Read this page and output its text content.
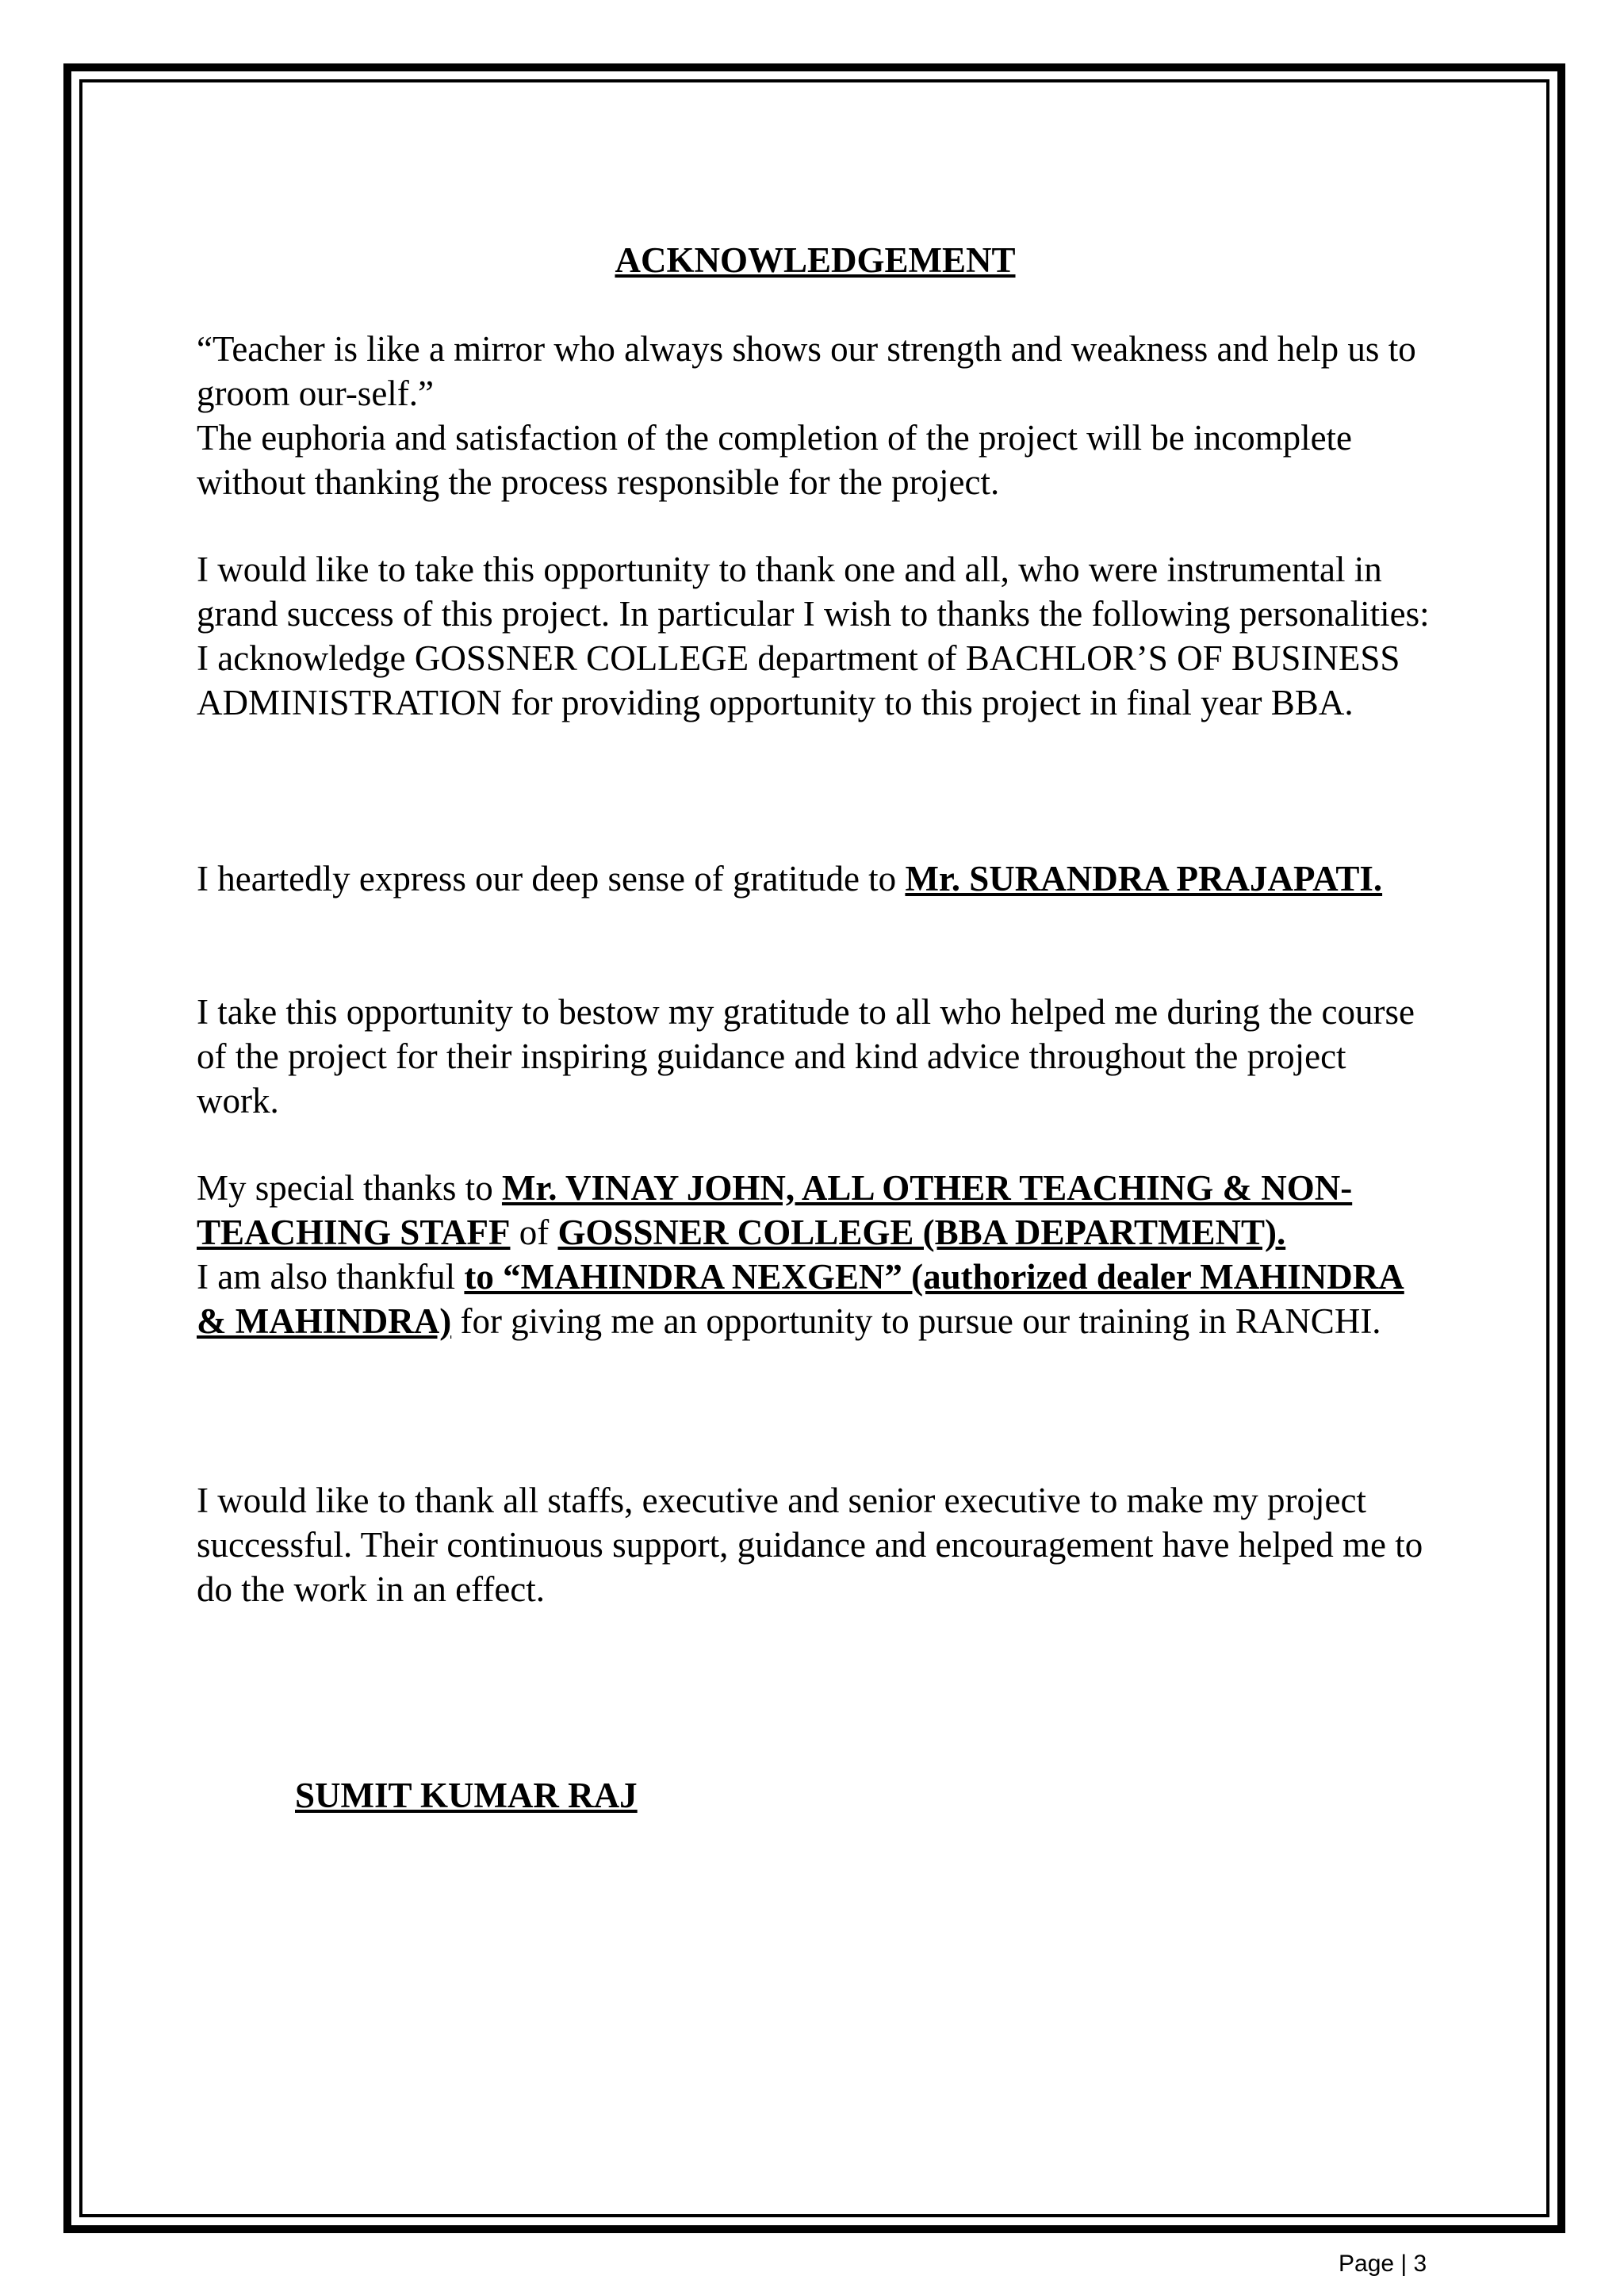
ACKNOWLEDGEMENT

“Teacher is like a mirror who always shows our strength and weakness and help us to groom our-self.”
The euphoria and satisfaction of the completion of the project will be incomplete without thanking the process responsible for the project.

I would like to take this opportunity to thank one and all, who were instrumental in grand success of this project. In particular I wish to thanks the following personalities:
I acknowledge GOSSNER COLLEGE department of BACHLOR’S OF BUSINESS ADMINISTRATION for providing opportunity to this project in final year BBA.

I heartedly express our deep sense of gratitude to Mr. SURANDRA PRAJAPATI.

I take this opportunity to bestow my gratitude to all who helped me during the course of the project for their inspiring guidance and kind advice throughout the project work.

My special thanks to Mr. VINAY JOHN, ALL OTHER TEACHING & NON-TEACHING STAFF of GOSSNER COLLEGE (BBA DEPARTMENT).
I am also thankful to “MAHINDRA NEXGEN” (authorized dealer MAHINDRA & MAHINDRA) for giving me an opportunity to pursue our training in RANCHI.

I would like to thank all staffs, executive and senior executive to make my project successful. Their continuous support, guidance and encouragement have helped me to do the work in an effect.

SUMIT KUMAR RAJ
Page | 3
